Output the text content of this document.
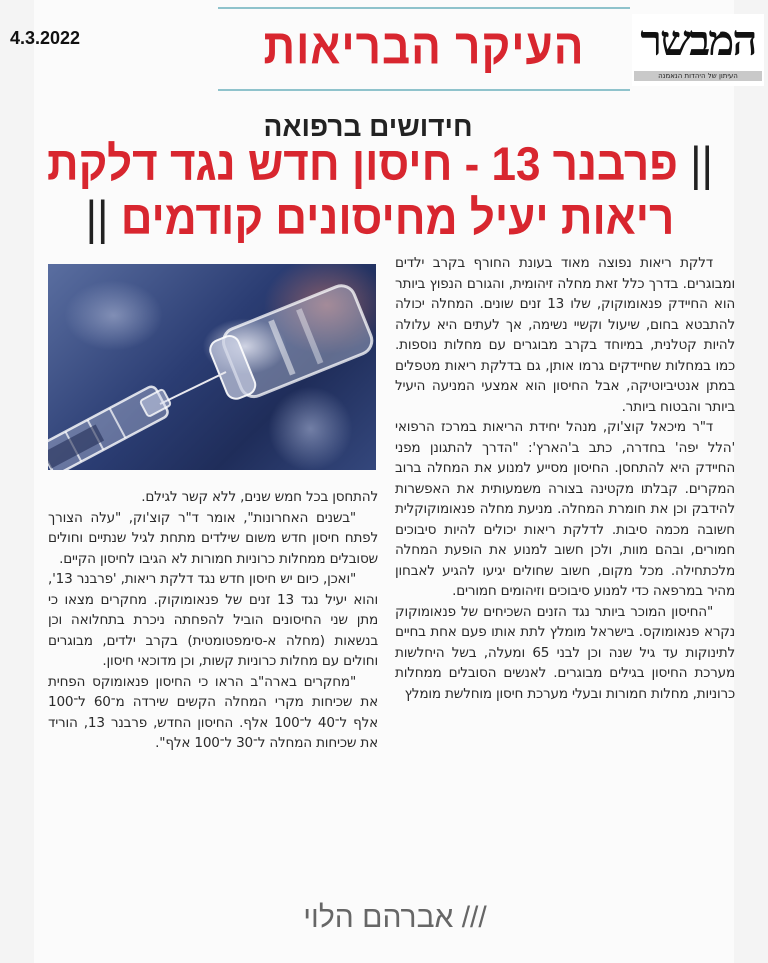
4.3.2022	העיקר הבריאות	המבשר
העיתון של היהדות הנאמנה
חידושים ברפואה
|| פרבנר 13 - חיסון חדש נגד דלקת
ריאות יעיל מחיסונים קודמים ||

דלקת ריאות נפוצה מאוד בעונת החורף בקרב ילדים ומבוגרים. בדרך כלל זאת מחלה זיהומית, והגורם הנפוץ ביותר הוא החיידק פנאומוקוק, שלו 13 זנים שונים. המחלה יכולה להתבטא בחום, שיעול וקשיי נשימה, אך לעתים היא עלולה להיות קטלנית, במיוחד בקרב מבוגרים עם מחלות נוספות. כמו במחלות שחיידקים גרמו אותן, גם בדלקת ריאות מטפלים במתן אנטיביוטיקה, אבל החיסון הוא אמצעי המניעה היעיל ביותר והבטוח ביותר.

ד"ר מיכאל קוצ'וק, מנהל יחידת הריאות במרכז הרפואי 'הלל יפה' בחדרה, כתב ב'הארץ': "הדרך להתגונן מפני החיידק היא להתחסן. החיסון מסייע למנוע את המחלה ברוב המקרים. קבלתו מקטינה בצורה משמעותית את האפשרות להידבק וכן את חומרת המחלה. מניעת מחלה פנאומוקוקלית חשובה מכמה סיבות. לדלקת ריאות יכולים להיות סיבוכים חמורים, ובהם מוות, ולכן חשוב למנוע את הופעת המחלה מלכתחילה. מכל מקום, חשוב שחולים יגיעו להגיע לאבחון מהיר במרפאה כדי למנוע סיבוכים וזיהומים חמורים.

"החיסון המוכר ביותר נגד הזנים השכיחים של פנאומוקוק נקרא פנאומוקס. בישראל מומלץ לתת אותו פעם אחת בחיים לתינוקות עד גיל שנה וכן לבני 65 ומעלה, בשל היחלשות מערכת החיסון בגילים מבוגרים. לאנשים הסובלים ממחלות כרוניות, מחלות חמורות ובעלי מערכת חיסון מוחלשת מומלץ

להתחסן בכל חמש שנים, ללא קשר לגילם.

"בשנים האחרונות", אומר ד"ר קוצ'וק, "עלה הצורך לפתח חיסון חדש משום שילדים מתחת לגיל שנתיים וחולים שסובלים ממחלות כרוניות חמורות לא הגיבו לחיסון הקיים.

"ואכן, כיום יש חיסון חדש נגד דלקת ריאות, 'פרבנר 13', והוא יעיל נגד 13 זנים של פנאומוקוק. מחקרים מצאו כי מתן שני החיסונים הוביל להפחתה ניכרת בתחלואה וכן בנשאות (מחלה א-סימפטומטית) בקרב ילדים, מבוגרים וחולים עם מחלות כרוניות קשות, וכן מדוכאי חיסון.

"מחקרים בארה"ב הראו כי החיסון פנאומוקס הפחית את שכיחות מקרי המחלה הקשים שירדה מ־60 ל־100 אלף ל־40 ל־100 אלף. החיסון החדש, פרבנר 13, הוריד את שכיחות המחלה ל־30 ל־100 אלף".

/// אברהם הלוי
